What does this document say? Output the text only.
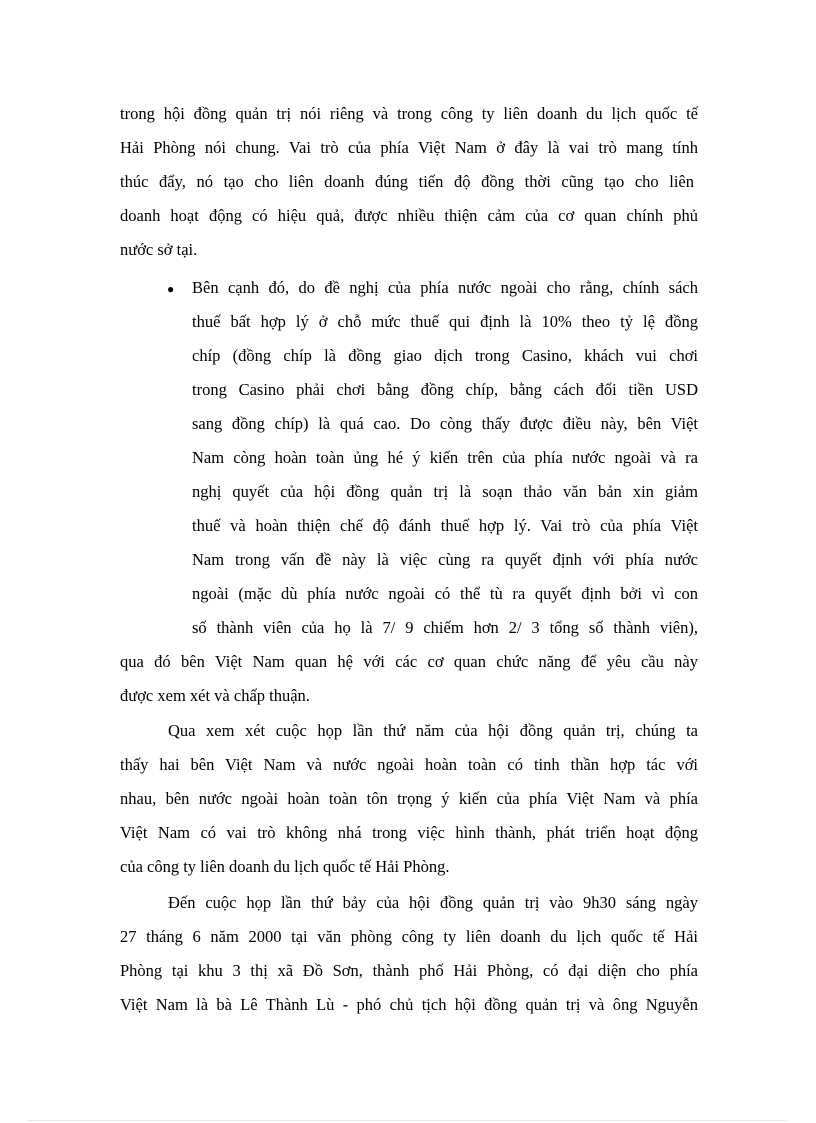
trong hội đồng quản trị nói riêng và trong công ty liên doanh du lịch quốc tế
Hải Phòng nói chung. Vai trò của phía Việt Nam ở đây là vai trò mang tính
thúc đẩy, nó tạo cho liên doanh đúng tiến độ đồng thời cũng tạo cho liên
doanh hoạt động có hiệu quả, được nhiều thiện cảm của cơ quan chính phủ
nước sở tại.
● Bên cạnh đó, do đề nghị của phía nước ngoài cho rằng, chính sách
thuế bất hợp lý ở chỗ mức thuế qui định là 10% theo tỷ lệ đồng
chíp (đồng chíp là đồng giao dịch trong Casino, khách vui chơi
trong Casino phải chơi bằng đồng chíp, bằng cách đổi tiền USD
sang đồng chíp) là quá cao. Do còng thấy được điều này, bên Việt
Nam còng hoàn toàn ủng hé ý kiến trên của phía nước ngoài và ra
nghị quyết của hội đồng quản trị là soạn thảo văn bản xin giảm
thuế và hoàn thiện chế độ đánh thuế hợp lý. Vai trò của phía Việt
Nam trong vấn đề này là việc cùng ra quyết định với phía nước
ngoài (mặc dù phía nước ngoài có thể tù ra quyết định bởi vì con
số thành viên của họ là 7/ 9 chiếm hơn 2/ 3 tổng số thành viên),
qua đó bên Việt Nam quan hệ với các cơ quan chức năng để yêu cầu này
được xem xét và chấp thuận.
Qua xem xét cuộc họp lần thứ năm của hội đồng quản trị, chúng ta
thấy hai bên Việt Nam và nước ngoài hoàn toàn có tinh thần hợp tác với
nhau, bên nước ngoài hoàn toàn tôn trọng ý kiến của phía Việt Nam và phía
Việt Nam có vai trò không nhá trong việc hình thành, phát triển hoạt động
của công ty liên doanh du lịch quốc tế Hải Phòng.
Đến cuộc họp lần thứ bảy của hội đồng quản trị vào 9h30 sáng ngày
27 tháng 6 năm 2000 tại văn phòng công ty liên doanh du lịch quốc tế Hải
Phòng tại khu 3 thị xã Đồ Sơn, thành phố Hải Phòng, có đại diện cho phía
Việt Nam là bà Lê Thành Lù - phó chủ tịch hội đồng quản trị và ông Nguyễn
